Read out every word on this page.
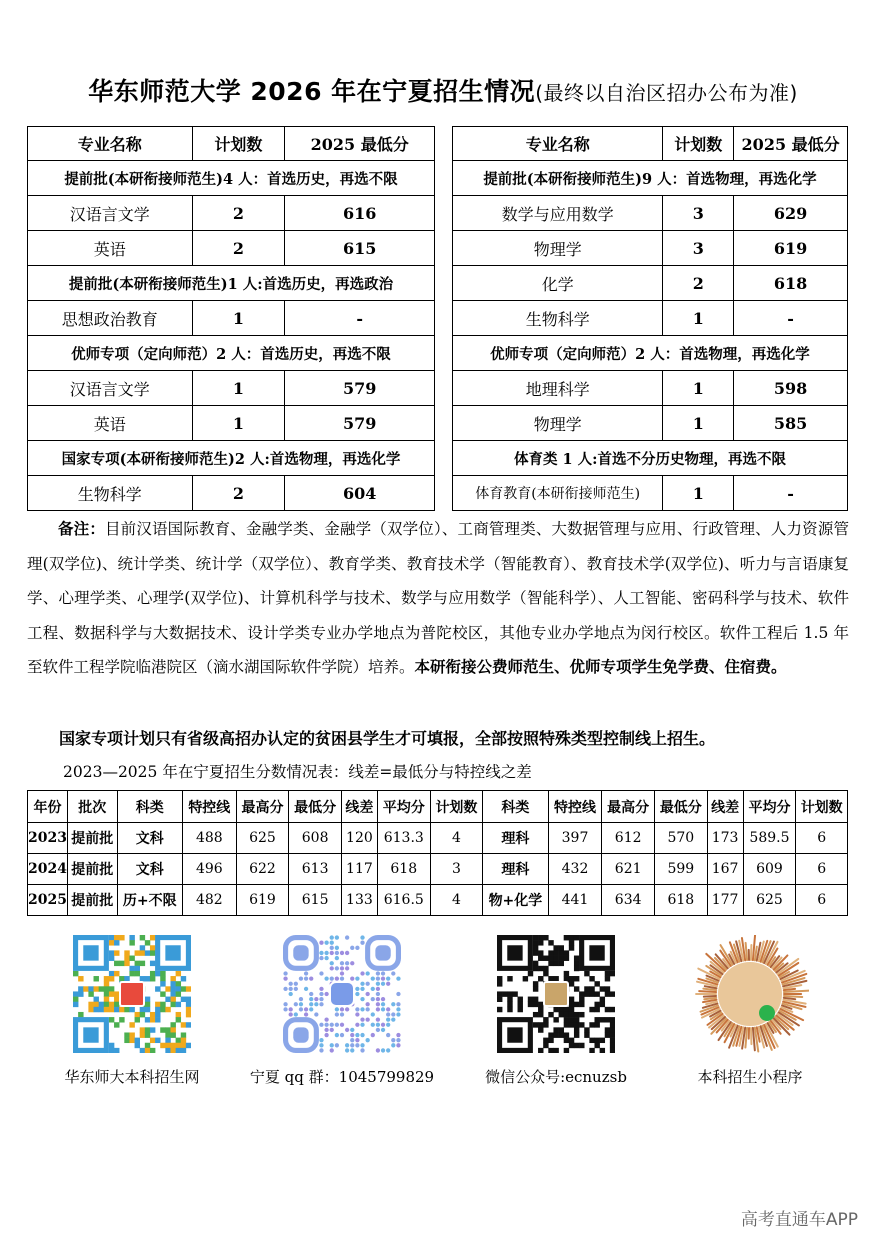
华东师范大学 2026 年在宁夏招生情况(最终以自治区招办公布为准)
专业名称	计划数	2025 最低分
提前批(本研衔接师范生)4 人：首选历史，再选不限		
汉语言文学	2	616
英语	2	615
提前批(本研衔接师范生)1 人:首选历史，再选政治		
思想政治教育	1	-
优师专项（定向师范）2 人：首选历史，再选不限		
汉语言文学	1	579
英语	1	579
国家专项(本研衔接师范生)2 人:首选物理，再选化学		
生物科学	2	604
专业名称	计划数	2025 最低分
提前批(本研衔接师范生)9 人：首选物理，再选化学		
数学与应用数学	3	629
物理学	3	619
化学	2	618
生物科学	1	-
优师专项（定向师范）2 人：首选物理，再选化学		
地理科学	1	598
物理学	1	585
体育类 1 人:首选不分历史物理，再选不限		
体育教育(本研衔接师范生)	1	-
备注：目前汉语国际教育、金融学类、金融学（双学位）、工商管理类、大数据管理与应用、行政管理、人力资源管理(双学位)、统计学类、统计学（双学位）、教育学类、教育技术学（智能教育）、教育技术学(双学位)、听力与言语康复学、心理学类、心理学(双学位)、计算机科学与技术、数学与应用数学（智能科学）、人工智能、密码科学与技术、软件工程、数据科学与大数据技术、设计学类专业办学地点为普陀校区，其他专业办学地点为闵行校区。软件工程后 1.5 年至软件工程学院临港院区（滴水湖国际软件学院）培养。本研衔接公费师范生、优师专项学生免学费、住宿费。
国家专项计划只有省级高招办认定的贫困县学生才可填报，全部按照特殊类型控制线上招生。
2023—2025 年在宁夏招生分数情况表：线差=最低分与特控线之差
年份	批次	科类	特控线	最高分	最低分	线差	平均分	计划数	科类	特控线	最高分	最低分	线差	平均分	计划数
2023	提前批	文科	488	625	608	120	613.3	4	理科	397	612	570	173	589.5	6
2024	提前批	文科	496	622	613	117	618	3	理科	432	621	599	167	609	6
2025	提前批	历+不限	482	619	615	133	616.5	4	物+化学	441	634	618	177	625	6
华东师大本科招生网	宁夏 qq 群：1045799829	微信公众号:ecnuzsb	本科招生小程序
高考直通车APP
